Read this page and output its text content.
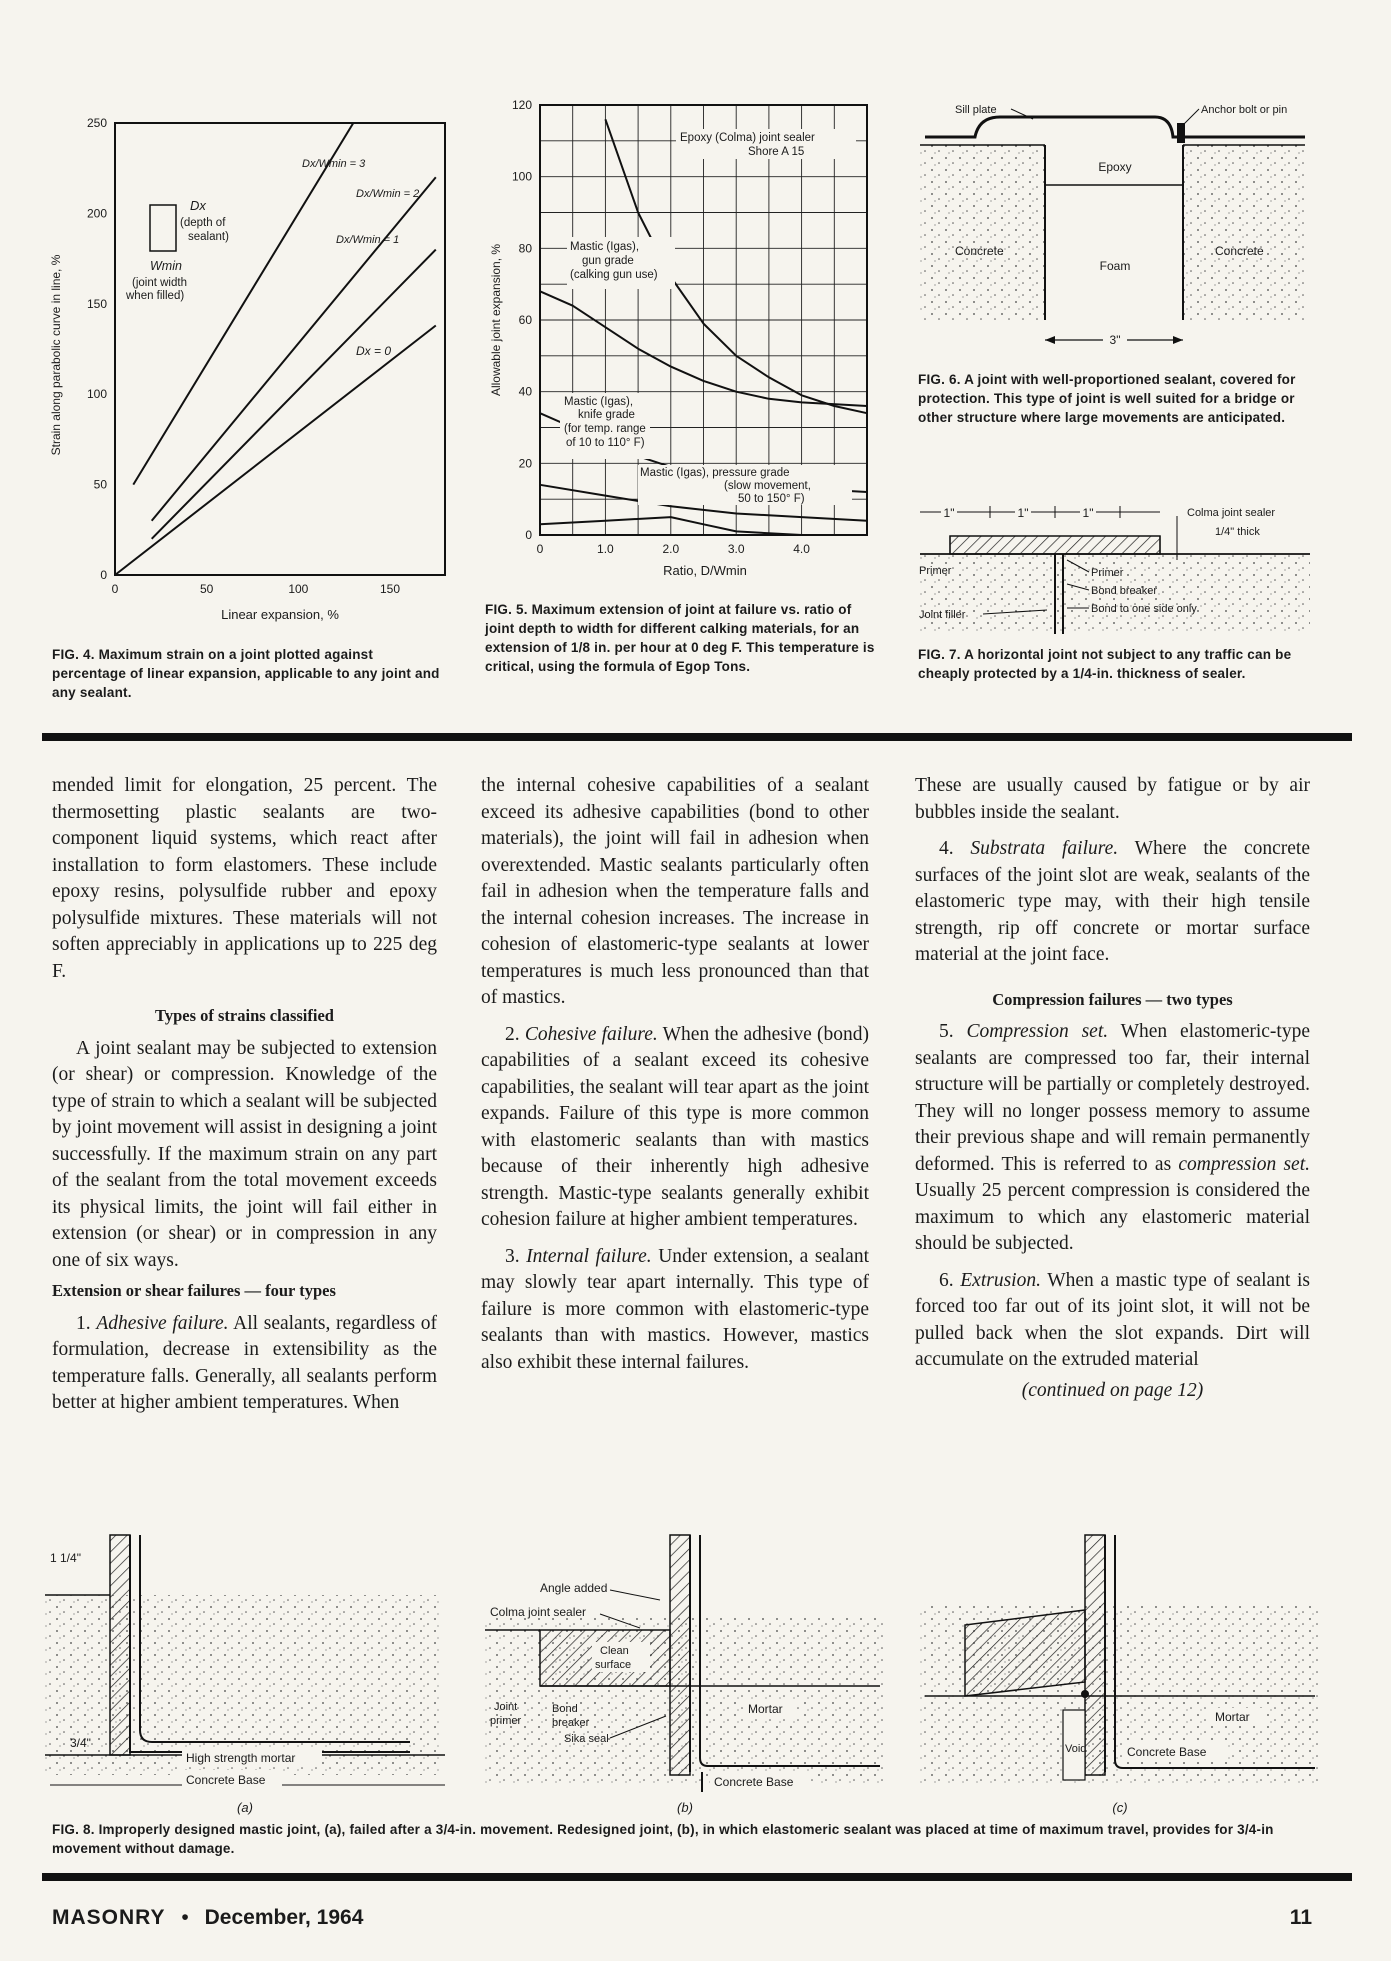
Dx
(depth of
sealant)
Wmin
(joint width
when filled)
250
200
150
100
50
0
0	50	100	150
Strain along parabolic curve in line, %
Linear expansion, %
Dx/Wmin = 3
Dx/Wmin = 2
Dx/Wmin = 1
Dx = 0
FIG. 4. Maximum strain on a joint plotted against percentage of linear expansion, applicable to any joint and any sealant.
120
100
80
60
40
20
0
0	1.0	2.0	3.0	4.0
Allowable joint expansion, %
Ratio, D/Wmin
Epoxy (Colma) joint sealer
Shore A 15
Mastic (Igas),
gun grade
(calking gun use)
Mastic (Igas),
knife grade
(for temp. range
of 10 to 110° F)
Mastic (Igas), pressure grade
(slow movement,
50 to 150° F)
FIG. 5. Maximum extension of joint at failure vs. ratio of joint depth to width for different calking materials, for an extension of 1/8 in. per hour at 0 deg F. This temperature is critical, using the formula of Egop Tons.
Sill plate	Anchor bolt or pin
Epoxy
Concrete	Concrete
Foam
3"
FIG. 6. A joint with well-proportioned sealant, covered for protection. This type of joint is well suited for a bridge or other structure where large movements are anticipated.
1"	1"	1"	Colma joint sealer
1/4" thick
Primer
Joint filler
Primer
Bond breaker
Bond to one side only
FIG. 7. A horizontal joint not subject to any traffic can be cheaply protected by a 1/4-in. thickness of sealer.

mended limit for elongation, 25 percent. The thermosetting plastic sealants are two-component liquid systems, which react after installation to form elastomers. These include epoxy resins, polysulfide rubber and epoxy polysulfide mixtures. These materials will not soften appreciably in applications up to 225 deg F.

Types of strains classified

A joint sealant may be subjected to extension (or shear) or compression. Knowledge of the type of strain to which a sealant will be subjected by joint movement will assist in designing a joint successfully. If the maximum strain on any part of the sealant from the total movement exceeds its physical limits, the joint will fail either in extension (or shear) or in compression in any one of six ways.

Extension or shear failures — four types

1. Adhesive failure. All sealants, regardless of formulation, decrease in extensibility as the temperature falls. Generally, all sealants perform better at higher ambient temperatures. When

the internal cohesive capabilities of a sealant exceed its adhesive capabilities (bond to other materials), the joint will fail in adhesion when overextended. Mastic sealants particularly often fail in adhesion when the temperature falls and the internal cohesion increases. The increase in cohesion of elastomeric-type sealants at lower temperatures is much less pronounced than that of mastics.

2. Cohesive failure. When the adhesive (bond) capabilities of a sealant exceed its cohesive capabilities, the sealant will tear apart as the joint expands. Failure of this type is more common with elastomeric sealants than with mastics because of their inherently high adhesive strength. Mastic-type sealants generally exhibit cohesion failure at higher ambient temperatures.

3. Internal failure. Under extension, a sealant may slowly tear apart internally. This type of failure is more common with elastomeric-type sealants than with mastics. However, mastics also exhibit these internal failures.

These are usually caused by fatigue or by air bubbles inside the sealant.

4. Substrata failure. Where the concrete surfaces of the joint slot are weak, sealants of the elastomeric type may, with their high tensile strength, rip off concrete or mortar surface material at the joint face.

Compression failures — two types

5. Compression set. When elastomeric-type sealants are compressed too far, their internal structure will be partially or completely destroyed. They will no longer possess memory to assume their previous shape and will remain permanently deformed. This is referred to as compression set. Usually 25 percent compression is considered the maximum to which any elastomeric material should be subjected.

6. Extrusion. When a mastic type of sealant is forced too far out of its joint slot, it will not be pulled back when the slot expands. Dirt will accumulate on the extruded material

(continued on page 12)
1 1/4"
3/4"
High strength mortar
Concrete Base
(a)
Angle added
Colma joint sealer
Clean
surface
Joint
primer
Bond
breaker
Sika seal
Mortar
Concrete Base
(b)
Mortar
Void	Concrete Base
(c)
FIG. 8. Improperly designed mastic joint, (a), failed after a 3/4-in. movement. Redesigned joint, (b), in which elastomeric sealant was placed at time of maximum travel, provides for 3/4-in movement without damage.
MASONRY • December, 1964	11
